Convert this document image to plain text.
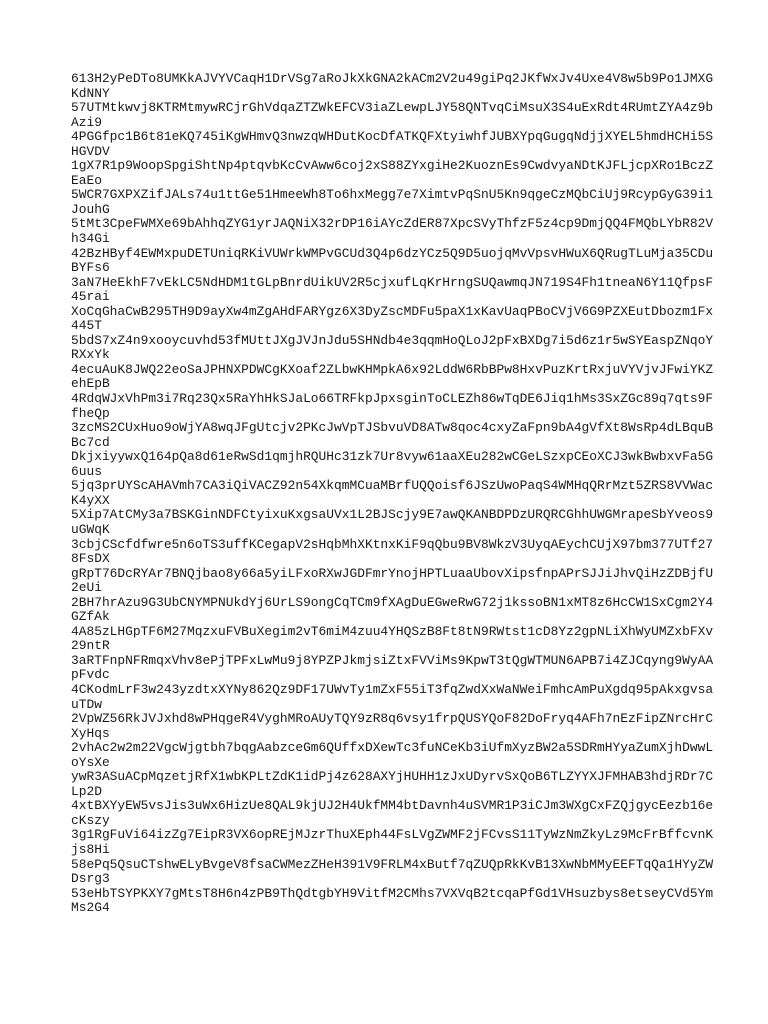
613H2yPeDTo8UMKkAJVYVCaqH1DrVSg7aRoJkXkGNA2kACm2V2u49giPq2JKfWxJv4Uxe4V8w5b9Po1JMXG
KdNNY
57UTMtkwvj8KTRMtmywRCjrGhVdqaZTZWkEFCV3iaZLewpLJY58QNTvqCiMsuX3S4uExRdt4RUmtZYA4z9b
Azi9
4PGGfpc1B6t81eKQ745iKgWHmvQ3nwzqWHDutKocDfATKQFXtyiwhfJUBXYpqGugqNdjjXYEL5hmdHCHi5S
HGVDV
1gX7R1p9WoopSpgiShtNp4ptqvbKcCvAww6coj2xS88ZYxgiHe2KuoznEs9CwdvyaNDtKJFLjcpXRo1BczZ
EaEo
5WCR7GXPXZifJALs74u1ttGe51HmeeWh8To6hxMegg7e7XimtvPqSnU5Kn9qgeCzMQbCiUj9RcypGyG39i1
JouhG
5tMt3CpeFWMXe69bAhhqZYG1yrJAQNiX32rDP16iAYcZdER87XpcSVyThfzF5z4cp9DmjQQ4FMQbLYbR82V
h34Gi
42BzHByf4EWMxpuDETUniqRKiVUWrkWMPvGCUd3Q4p6dzYCz5Q9D5uojqMvVpsvHWuX6QRugTLuMja35CDu
BYFs6
3aN7HeEkhF7vEkLC5NdHDM1tGLpBnrdUikUV2R5cjxufLqKrHrngSUQawmqJN719S4Fh1tneaN6Y11QfpsF
45rai
XoCqGhaCwB295TH9D9ayXw4mZgAHdFARYgz6X3DyZscMDFu5paX1xKavUaqPBoCVjV6G9PZXEutDbozm1Fx
445T
5bdS7xZ4n9xooycuvhd53fMUttJXgJVJnJdu5SHNdb4e3qqmHoQLoJ2pFxBXDg7i5d6z1r5wSYEaspZNqoY
RXxYk
4ecuAuK8JWQ22eoSaJPHNXPDWCgKXoaf2ZLbwKHMpkA6x92LddW6RbBPw8HxvPuzKrtRxjuVYVjvJFwiYKZ
ehEpB
4RdqWJxVhPm3i7Rq23Qx5RaYhHkSJaLo66TRFkpJpxsginToCLEZh86wTqDE6Jiq1hMs3SxZGc89q7qts9F
fheQp
3zcMS2CUxHuo9oWjYA8wqJFgUtcjv2PKcJwVpTJSbvuVD8ATw8qoc4cxyZaFpn9bA4gVfXt8WsRp4dLBquB
Bc7cd
DkjxiyywxQ164pQa8d61eRwSd1qmjhRQUHc31zk7Ur8vyw61aaXEu282wCGeLSzxpCEoXCJ3wkBwbxvFa5G
6uus
5jq3prUYScAHAVmh7CA3iQiVACZ92n54XkqmMCuaMBrfUQQoisf6JSzUwoPaqS4WMHqQRrMzt5ZRS8VVWac
K4yXX
5Xip7AtCMy3a7BSKGinNDFCtyixuKxgsaUVx1L2BJScjy9E7awQKANBDPDzURQRCGhhUWGMrapeSbYveos9
uGWqK
3cbjCScfdfwre5n6oTS3uffKCegapV2sHqbMhXKtnxKiF9qQbu9BV8WkzV3UyqAEychCUjX97bm377UTf27
8FsDX
gRpT76DcRYAr7BNQjbao8y66a5yiLFxoRXwJGDFmrYnojHPTLuaaUbovXipsfnpAPrSJJiJhvQiHzZDBjfU
2eUi
2BH7hrAzu9G3UbCNYMPNUkdYj6UrLS9ongCqTCm9fXAgDuEGweRwG72j1kssoBN1xMT8z6HcCW1SxCgm2Y4
GZfAk
4A85zLHGpTF6M27MqzxuFVBuXegim2vT6miM4zuu4YHQSzB8Ft8tN9RWtst1cD8Yz2gpNLiXhWyUMZxbFXv
29ntR
3aRTFnpNFRmqxVhv8ePjTPFxLwMu9j8YPZPJkmjsiZtxFVViMs9KpwT3tQgWTMUN6APB7i4ZJCqyng9WyAA
pFvdc
4CKodmLrF3w243yzdtxXYNy862Qz9DF17UWvTy1mZxF55iT3fqZwdXxWaNWeiFmhcAmPuXgdq95pAkxgvsa
uTDw
2VpWZ56RkJVJxhd8wPHqgeR4VyghMRoAUyTQY9zR8q6vsy1frpQUSYQoF82DoFryq4AFh7nEzFipZNrcHrC
XyHqs
2vhAc2w2m22VgcWjgtbh7bqgAabzceGm6QUffxDXewTc3fuNCeKb3iUfmXyzBW2a5SDRmHYyaZumXjhDwwL
oYsXe
ywR3ASuACpMqzetjRfX1wbKPLtZdK1idPj4z628AXYjHUHH1zJxUDyrvSxQoB6TLZYYXJFMHAB3hdjRDr7C
Lp2D
4xtBXYyEW5vsJis3uWx6HizUe8QAL9kjUJ2H4UkfMM4btDavnh4uSVMR1P3iCJm3WXgCxFZQjgycEezb16e
cKszy
3g1RgFuVi64izZg7EipR3VX6opREjMJzrThuXEph44FsLVgZWMF2jFCvsS11TyWzNmZkyLz9McFrBffcvnK
js8Hi
58ePq5QsuCTshwELyBvgeV8fsaCWMezZHeH391V9FRLM4xButf7qZUQpRkKvB13XwNbMMyEEFTqQa1HYyZW
Dsrg3
53eHbTSYPKXY7gMtsT8H6n4zPB9ThQdtgbYH9VitfM2CMhs7VXVqB2tcqaPfGd1VHsuzbys8etseyCVd5Ym
Ms2G4
